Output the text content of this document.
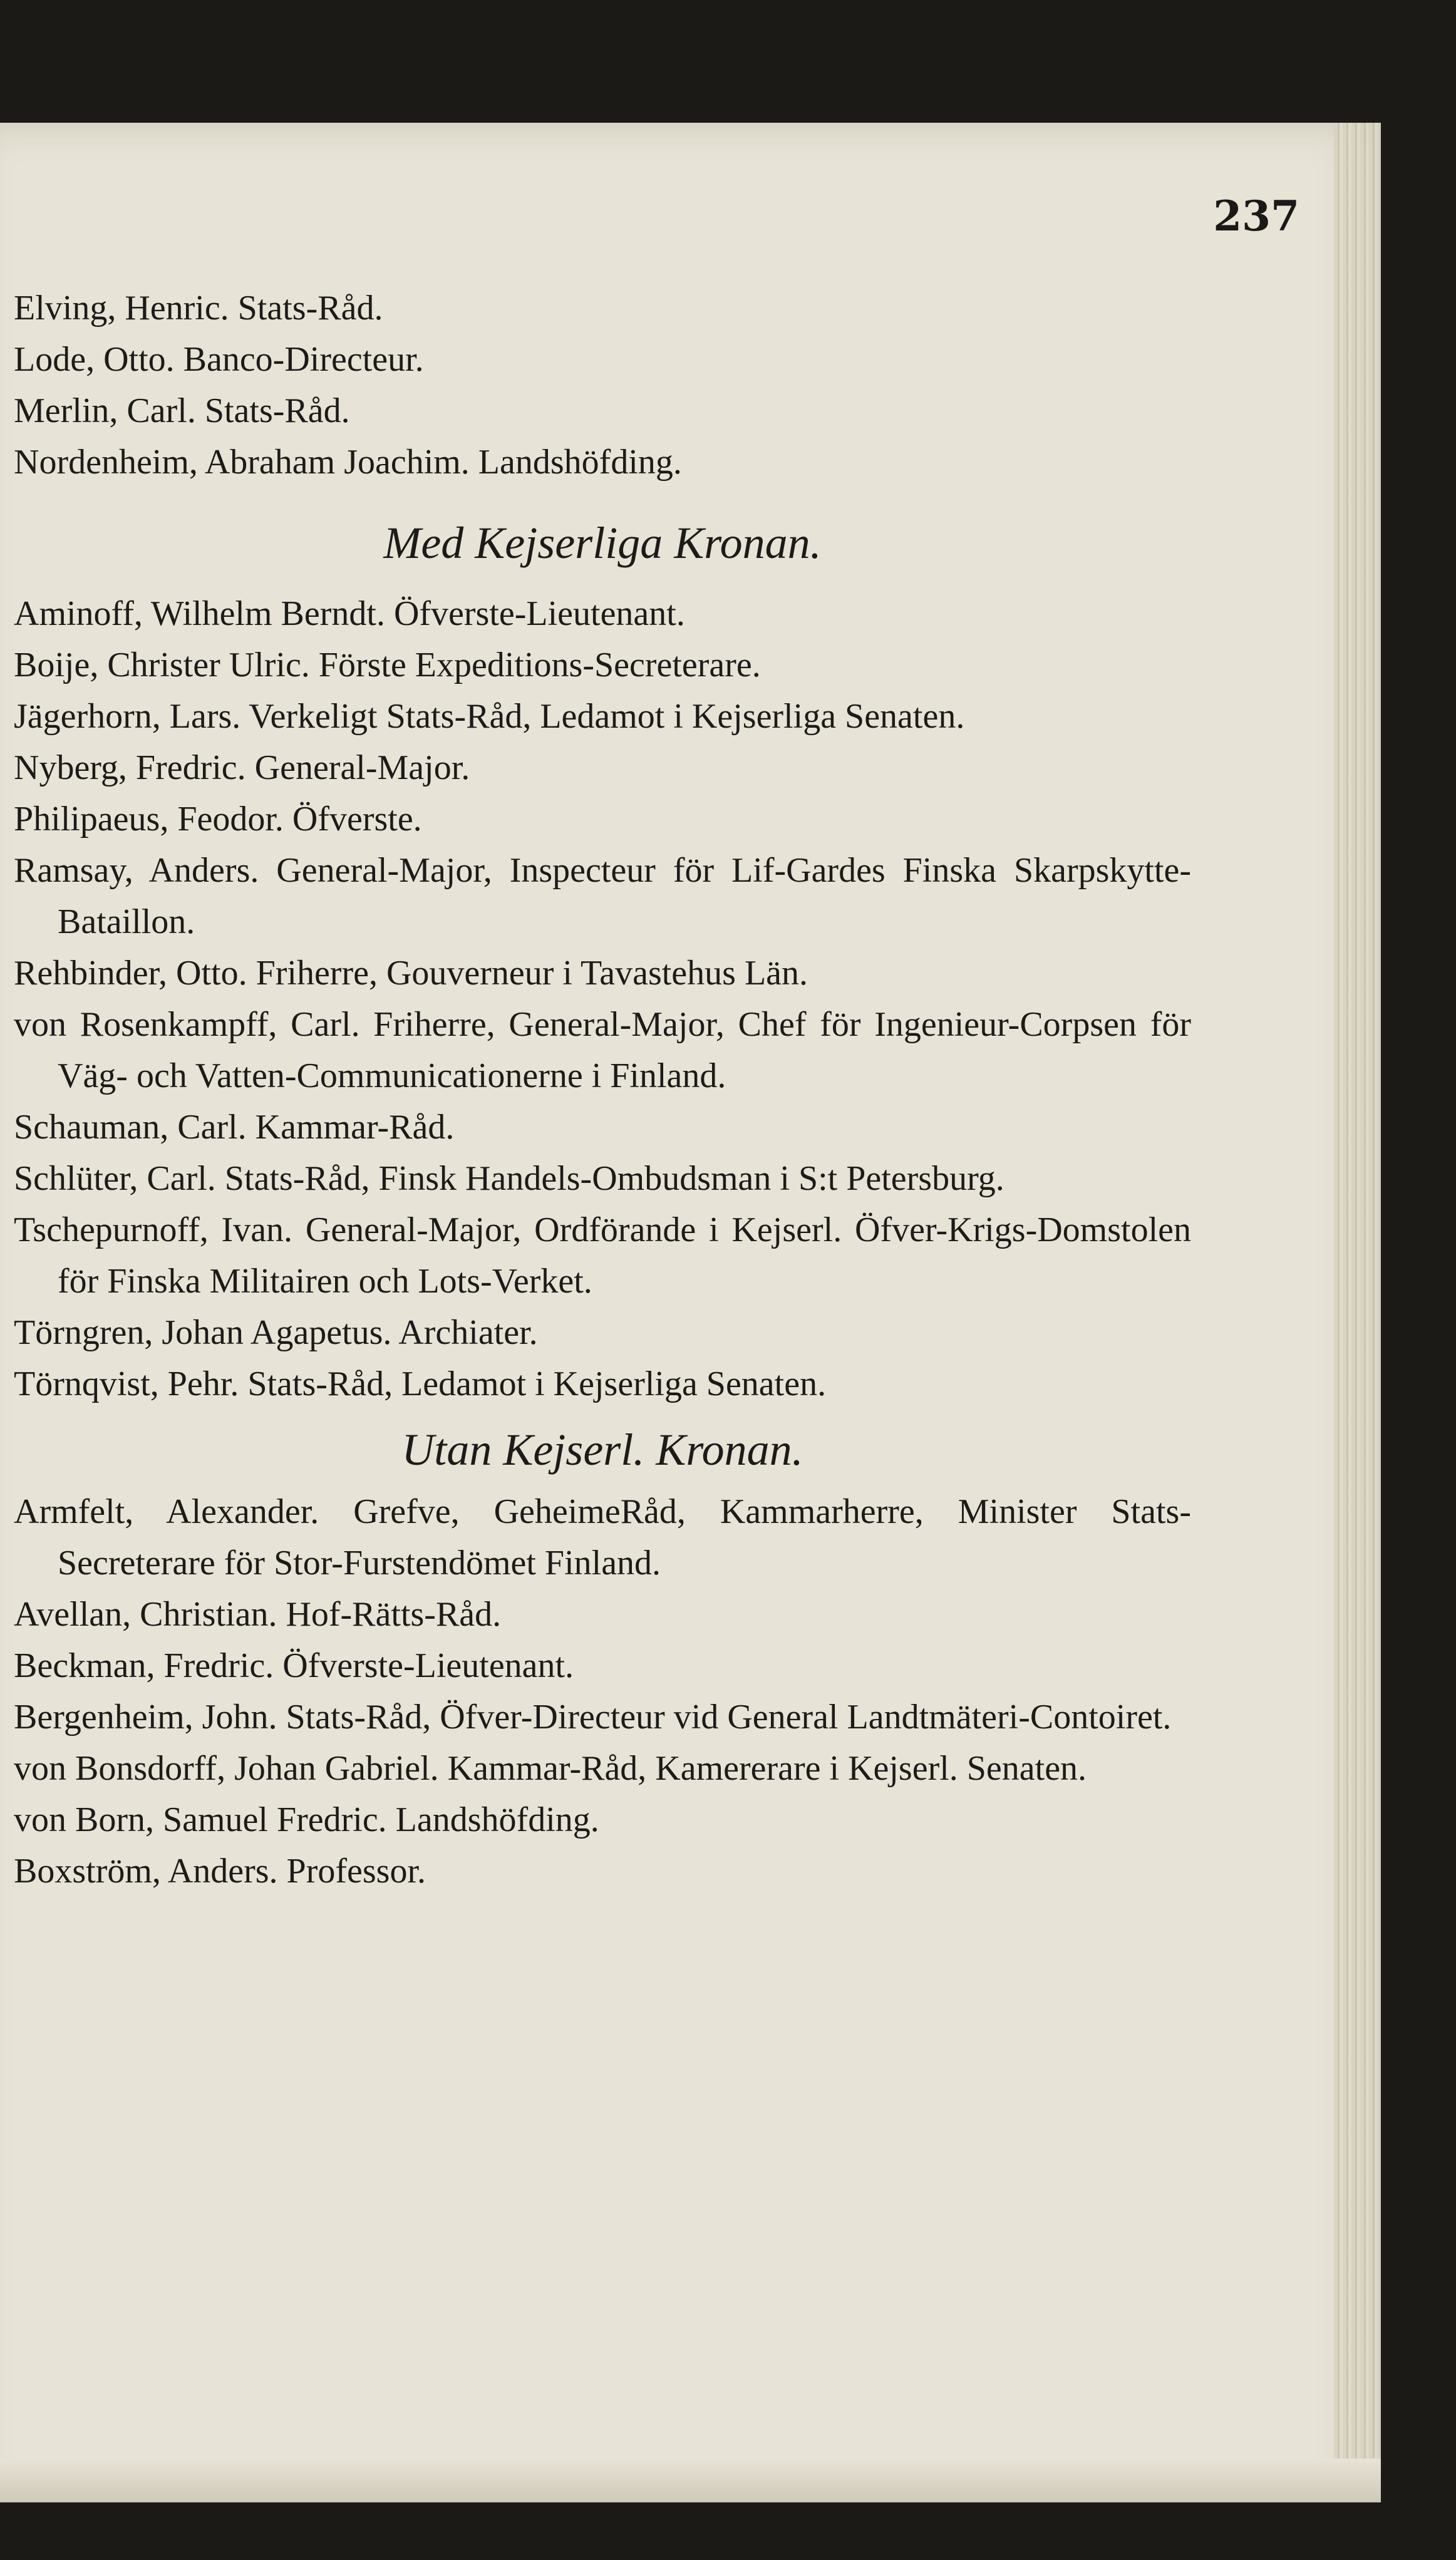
237
Elving, Henric. Stats-Råd.
Lode, Otto. Banco-Directeur.
Merlin, Carl. Stats-Råd.
Nordenheim, Abraham Joachim. Landshöfding.
Med Kejserliga Kronan.
Aminoff, Wilhelm Berndt. Öfverste-Lieutenant.
Boije, Christer Ulric. Förste Expeditions-Secreterare.
Jägerhorn, Lars. Verkeligt Stats-Råd, Ledamot i Kejserliga Senaten.
Nyberg, Fredric. General-Major.
Philipaeus, Feodor. Öfverste.
Ramsay, Anders. General-Major, Inspecteur för Lif-Gardes Finska Skarpskytte-Bataillon.
Rehbinder, Otto. Friherre, Gouverneur i Tavastehus Län.
von Rosenkampff, Carl. Friherre, General-Major, Chef för Ingenieur-Corpsen för Väg- och Vatten-Communicationerne i Finland.
Schauman, Carl. Kammar-Råd.
Schlüter, Carl. Stats-Råd, Finsk Handels-Ombudsman i S:t Petersburg.
Tschepurnoff, Ivan. General-Major, Ordförande i Kejserl. Öfver-Krigs-Domstolen för Finska Militairen och Lots-Verket.
Törngren, Johan Agapetus. Archiater.
Törnqvist, Pehr. Stats-Råd, Ledamot i Kejserliga Senaten.
Utan Kejserl. Kronan.
Armfelt, Alexander. Grefve, GeheimeRåd, Kammarherre, Minister Stats-Secreterare för Stor-Furstendömet Finland.
Avellan, Christian. Hof-Rätts-Råd.
Beckman, Fredric. Öfverste-Lieutenant.
Bergenheim, John. Stats-Råd, Öfver-Directeur vid General Landtmäteri-Contoiret.
von Bonsdorff, Johan Gabriel. Kammar-Råd, Kamererare i Kejserl. Senaten.
von Born, Samuel Fredric. Landshöfding.
Boxström, Anders. Professor.
